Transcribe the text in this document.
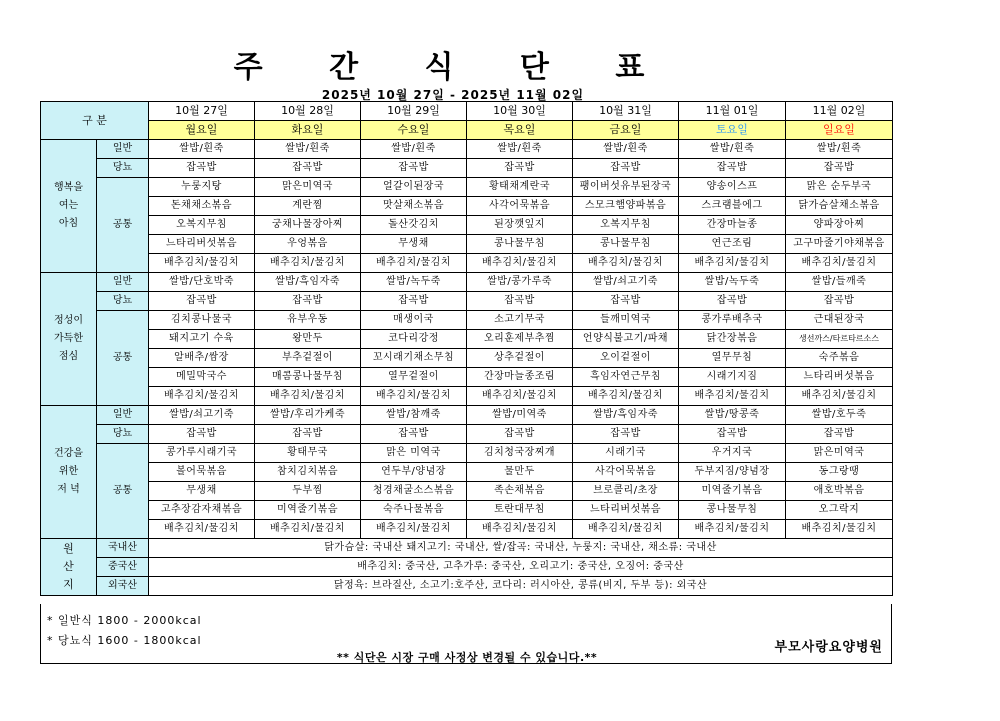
주 간 식 단 표
2025년 10월 27일 - 2025년 11월 02일
구 분		10월 27일	10월 28일	10월 29일	10월 30일	10월 31일	11월 01일	11월 02일
		월요일	화요일	수요일	목요일	금요일	토요일	일요일
행복을
여는
아침	일반	쌀밥/흰죽	쌀밥/흰죽	쌀밥/흰죽	쌀밥/흰죽	쌀밥/흰죽	쌀밥/흰죽	쌀밥/흰죽
	당뇨	잡곡밥	잡곡밥	잡곡밥	잡곡밥	잡곡밥	잡곡밥	잡곡밥
	공통	누룽지탕	맑은미역국	얼갈이된장국	황태채계란국	팽이버섯유부된장국	양송이스프	맑은 순두부국
		돈채채소볶음	계란찜	맛살채소볶음	사각어묵볶음	스모크햄양파볶음	스크램블에그	닭가슴살채소볶음
		오복지무침	궁채나물장아찌	돌산갓김치	된장깻잎지	오복지무침	간장마늘종	양파장아찌
		느타리버섯볶음	우엉볶음	무생채	콩나물무침	콩나물무침	연근조림	고구마줄기야채볶음
		배추김치/물김치	배추김치/물김치	배추김치/물김치	배추김치/물김치	배추김치/물김치	배추김치/물김치	배추김치/물김치
정성이
가득한
점심	일반	쌀밥/단호박죽	쌀밥/흑임자죽	쌀밥/녹두죽	쌀밥/콩가루죽	쌀밥/쇠고기죽	쌀밥/녹두죽	쌀밥/들깨죽
	당뇨	잡곡밥	잡곡밥	잡곡밥	잡곡밥	잡곡밥	잡곡밥	잡곡밥
	공통	김치콩나물국	유부우동	매생이국	소고기무국	들깨미역국	콩가루배추국	근대된장국
		돼지고기 수육	왕만두	코다리강정	오리훈제부추찜	언양식불고기/파채	닭간장볶음	생선까스/타르타르소스
		알배추/쌈장	부추겉절이	꼬시래기채소무침	상추겉절이	오이겉절이	열무무침	숙주볶음
		메밀막국수	매콤콩나물무침	열무겉절이	간장마늘종조림	흑임자연근무침	시래기지짐	느타리버섯볶음
		배추김치/물김치	배추김치/물김치	배추김치/물김치	배추김치/물김치	배추김치/물김치	배추김치/물김치	배추김치/물김치
건강을
위한
저 녁	일반	쌀밥/쇠고기죽	쌀밥/후리가케죽	쌀밥/참깨죽	쌀밥/미역죽	쌀밥/흑임자죽	쌀밥/땅콩죽	쌀밥/호두죽
	당뇨	잡곡밥	잡곡밥	잡곡밥	잡곡밥	잡곡밥	잡곡밥	잡곡밥
	공통	콩가루시래기국	황태무국	맑은 미역국	김치청국장찌개	시래기국	우거지국	맑은미역국
		볼어묵볶음	참치김치볶음	연두부/양념장	물만두	사각어묵볶음	두부지짐/양념장	동그랑땡
		무생채	두부찜	청경채굴소스볶음	족손채볶음	브로콜리/초장	미역줄기볶음	애호박볶음
		고추장감자채볶음	미역줄기볶음	숙주나물볶음	토란대무침	느타리버섯볶음	콩나물무침	오그락지
		배추김치/물김치	배추김치/물김치	배추김치/물김치	배추김치/물김치	배추김치/물김치	배추김치/물김치	배추김치/물김치
원
산
지	국내산	닭가슴살: 국내산 돼지고기: 국내산, 쌀/잡곡: 국내산, 누룽지: 국내산, 채소류: 국내산						
	중국산	배추김치: 중국산, 고추가루: 중국산, 오리고기: 중국산, 오징어: 중국산						
	외국산	닭정육: 브라질산, 소고기:호주산, 코다리: 러시아산, 콩류(비지, 두부 등): 외국산						
* 일반식 1800 - 2000kcal
* 당뇨식 1600 - 1800kcal	부모사랑요양병원
** 식단은 시장 구매 사정상 변경될 수 있습니다.**
